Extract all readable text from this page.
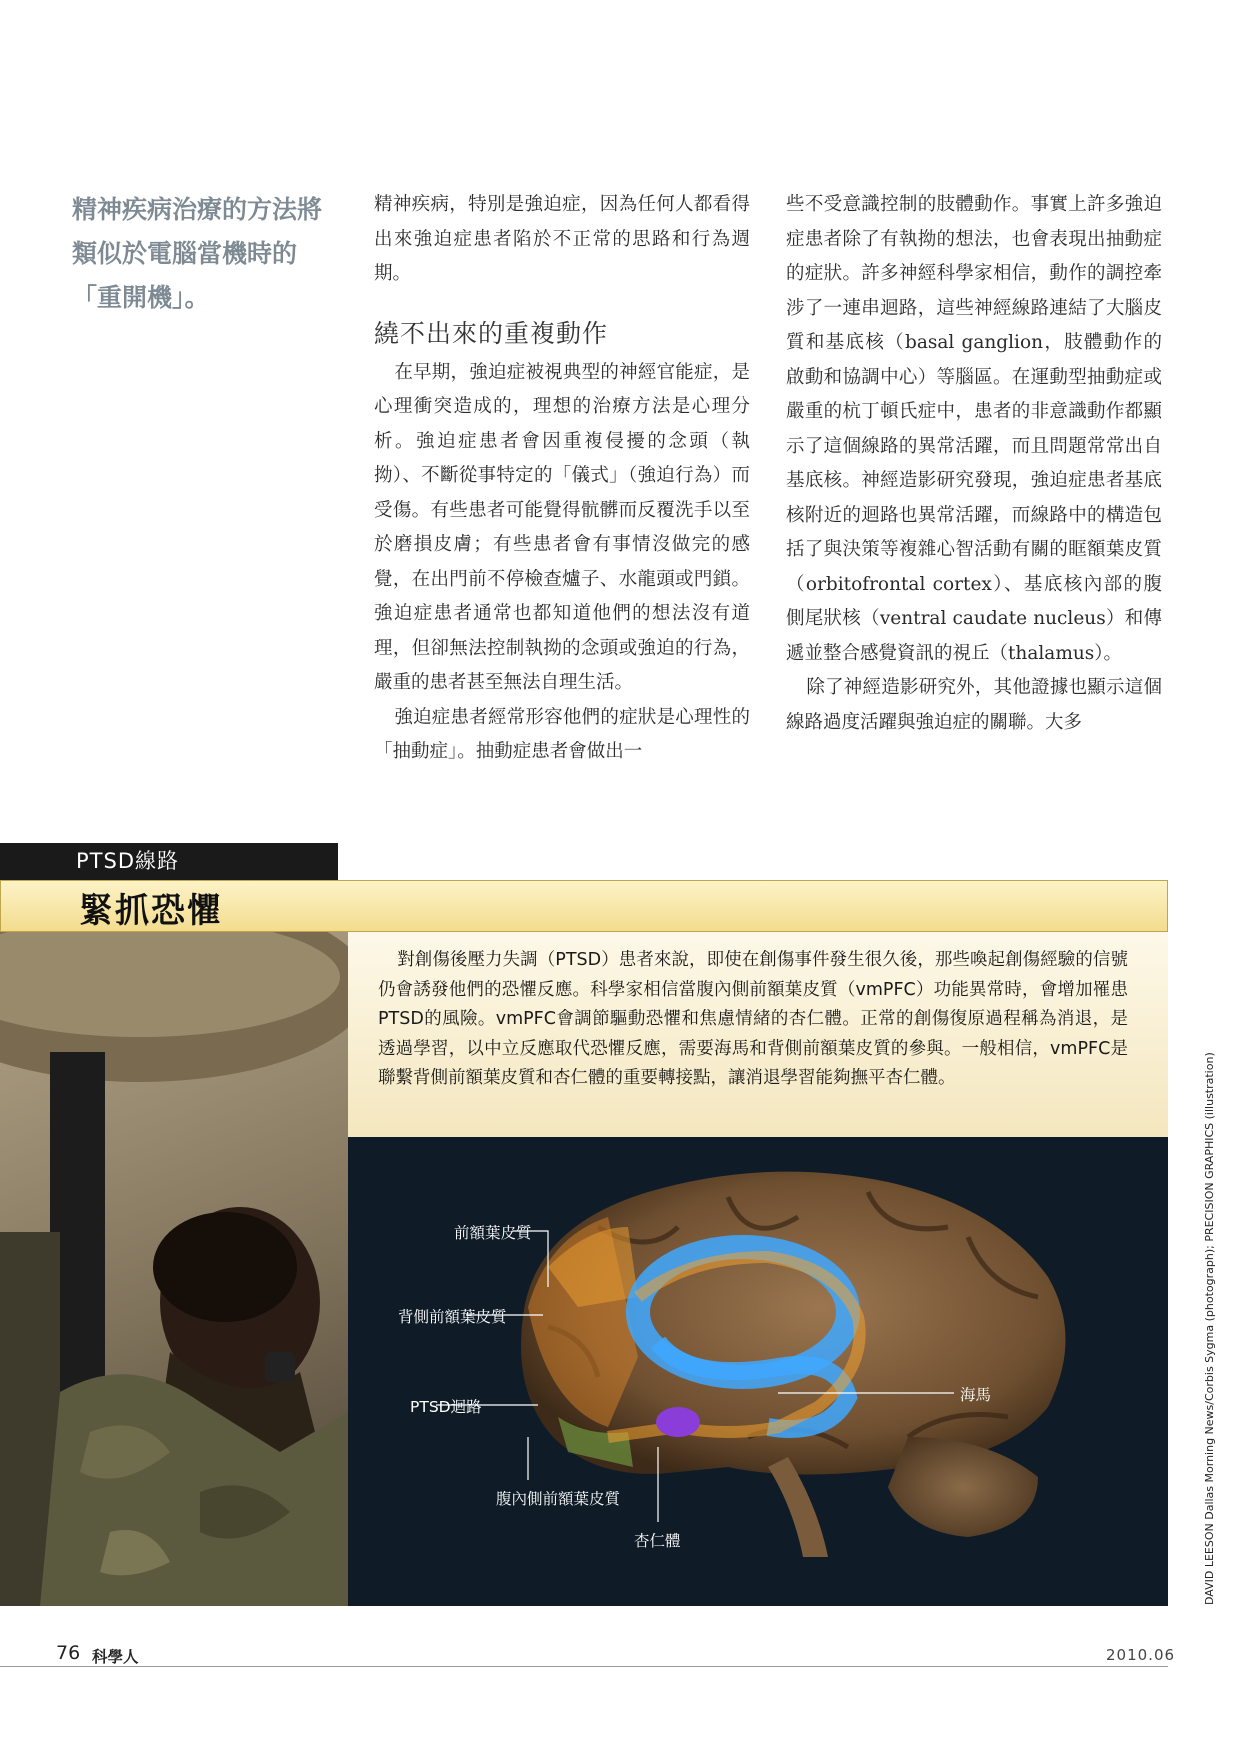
精神疾病治療的方法將類似於電腦當機時的「重開機」。

精神疾病，特別是強迫症，因為任何人都看得出來強迫症患者陷於不正常的思路和行為週期。

繞不出來的重複動作

在早期，強迫症被視典型的神經官能症，是心理衝突造成的，理想的治療方法是心理分析。強迫症患者會因重複侵擾的念頭（執拗）、不斷從事特定的「儀式」（強迫行為）而受傷。有些患者可能覺得骯髒而反覆洗手以至於磨損皮膚；有些患者會有事情沒做完的感覺，在出門前不停檢查爐子、水龍頭或門鎖。強迫症患者通常也都知道他們的想法沒有道理，但卻無法控制執拗的念頭或強迫的行為，嚴重的患者甚至無法自理生活。

強迫症患者經常形容他們的症狀是心理性的「抽動症」。抽動症患者會做出一

些不受意識控制的肢體動作。事實上許多強迫症患者除了有執拗的想法，也會表現出抽動症的症狀。許多神經科學家相信，動作的調控牽涉了一連串迴路，這些神經線路連結了大腦皮質和基底核（basal ganglion，肢體動作的啟動和協調中心）等腦區。在運動型抽動症或嚴重的杭丁頓氏症中，患者的非意識動作都顯示了這個線路的異常活躍，而且問題常常出自基底核。神經造影研究發現，強迫症患者基底核附近的迴路也異常活躍，而線路中的構造包括了與決策等複雜心智活動有關的眶額葉皮質（orbitofrontal cortex）、基底核內部的腹側尾狀核（ventral caudate nucleus）和傳遞並整合感覺資訊的視丘（thalamus）。

除了神經造影研究外，其他證據也顯示這個線路過度活躍與強迫症的關聯。大多

PTSD線路
緊抓恐懼

對創傷後壓力失調（PTSD）患者來說，即使在創傷事件發生很久後，那些喚起創傷經驗的信號仍會誘發他們的恐懼反應。科學家相信當腹內側前額葉皮質（vmPFC）功能異常時，會增加罹患PTSD的風險。vmPFC會調節驅動恐懼和焦慮情緒的杏仁體。正常的創傷復原過程稱為消退，是透過學習，以中立反應取代恐懼反應，需要海馬和背側前額葉皮質的參與。一般相信，vmPFC是聯繫背側前額葉皮質和杏仁體的重要轉接點，讓消退學習能夠撫平杏仁體。

前額葉皮質
背側前額葉皮質
PTSD迴路
腹內側前額葉皮質
杏仁體
海馬	DAVID LEESON Dallas Morning News/Corbis Sygma (photograph); PRECISION GRAPHICS (illustration)
76 科學人	2010.06
